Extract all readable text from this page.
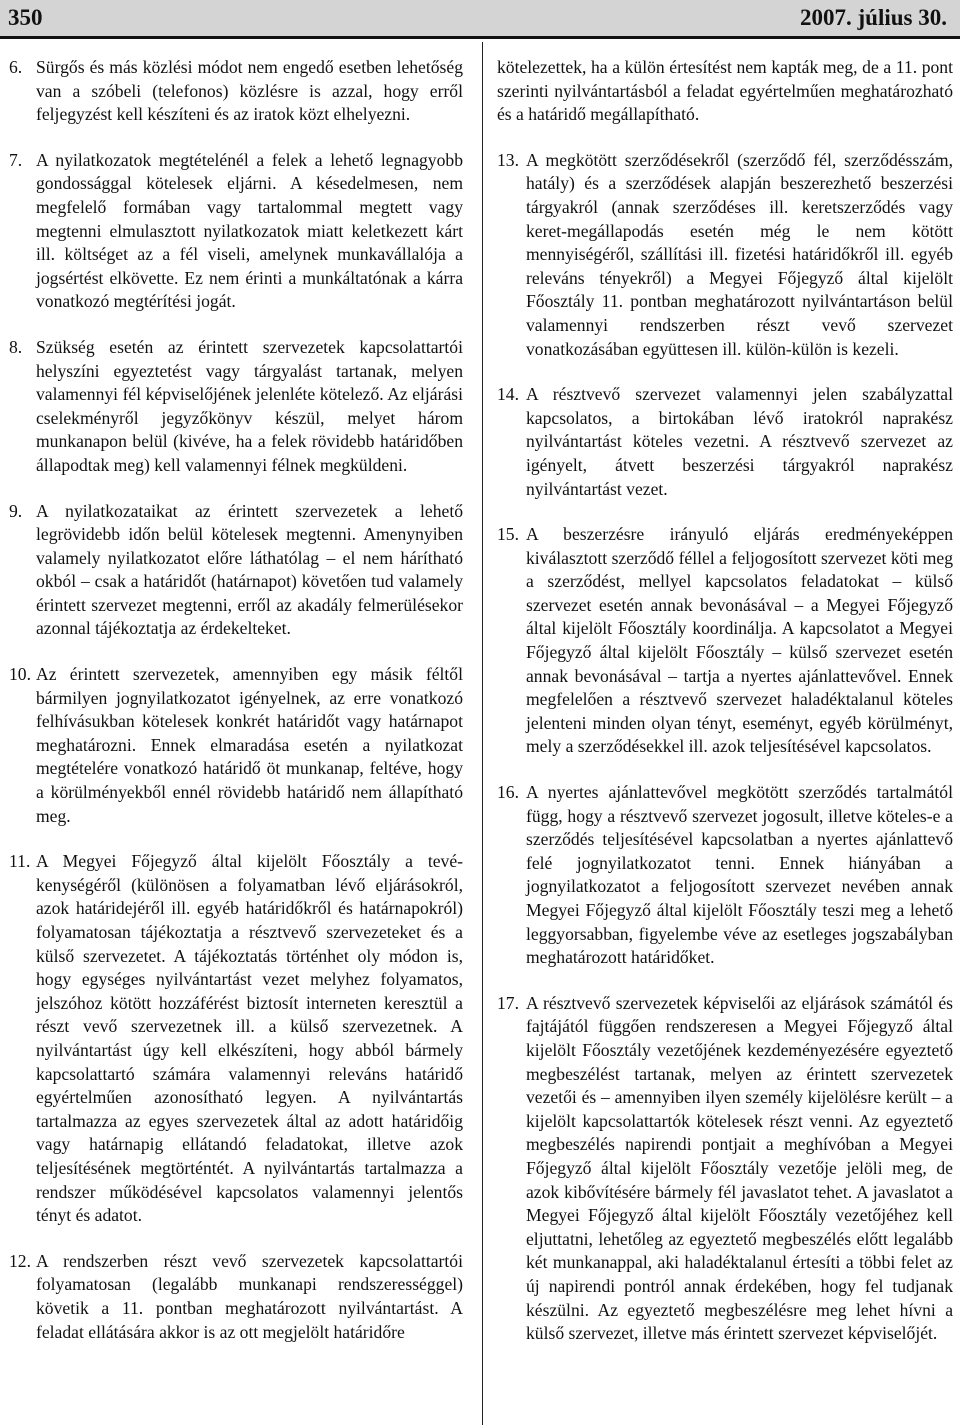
350	2007. július 30.
6. Sürgős és más közlési módot nem engedő esetben lehetőség van a szóbeli (telefonos) közlésre is azzal, hogy erről feljegyzést kell készíteni és az iratok közt elhelyezni.
7. A nyilatkozatok megtételénél a felek a lehető legnagyobb gondossággal kötelesek eljárni. A késedelmesen, nem megfelelő formában vagy tartalommal megtett vagy megtenni elmulasztott nyilatkozatok miatt keletkezett kárt ill. költséget az a fél viseli, amelynek munkavállalója a jogsértést elkövette. Ez nem érinti a munkáltatónak a kárra vonatkozó megtérítési jogát.
8. Szükség esetén az érintett szervezetek kapcsolattartói helyszíni egyeztetést vagy tárgyalást tartanak, melyen valamennyi fél képviselőjének jelenléte kötelező. Az eljárási cselekményről jegyzőkönyv készül, melyet három munkanapon belül (kivéve, ha a felek rövidebb határidőben állapodtak meg) kell valamennyi félnek megküldeni.
9. A nyilatkozataikat az érintett szervezetek a lehető legrövidebb időn belül kötelesek megtenni. Amenynyiben valamely nyilatkozatot előre láthatólag – el nem hárítható okból – csak a határidőt (határnapot) követően tud valamely érintett szervezet megtenni, erről az akadály felmerülésekor azonnal tájékoztatja az érdekelteket.
10. Az érintett szervezetek, amennyiben egy másik féltől bármilyen jognyilatkozatot igényelnek, az erre vonatkozó felhívásukban kötelesek konkrét határidőt vagy határnapot meghatározni. Ennek elmaradása esetén a nyilatkozat megtételére vonatkozó határidő öt munkanap, feltéve, hogy a körülményekből ennél rövidebb határidő nem állapítható meg.
11. A Megyei Főjegyző által kijelölt Főosztály a tevékenységéről (különösen a folyamatban lévő eljárásokról, azok határidejéről ill. egyéb határidőkről és határnapokról) folyamatosan tájékoztatja a résztvevő szervezeteket és a külső szervezetet. A tájékoztatás történhet oly módon is, hogy egységes nyilvántartást vezet melyhez folyamatos, jelszóhoz kötött hozzáférést biztosít interneten keresztül a részt vevő szervezetnek ill. a külső szervezetnek. A nyilvántartást úgy kell elkészíteni, hogy abból bármely kapcsolattartó számára valamennyi releváns határidő egyértelműen azonosítható legyen. A nyilvántartás tartalmazza az egyes szervezetek által az adott határidőig vagy határnapig ellátandó feladatokat, illetve azok teljesítésének megtörténtét. A nyilvántartás tartalmazza a rendszer működésével kapcsolatos valamennyi jelentős tényt és adatot.
12. A rendszerben részt vevő szervezetek kapcsolattartói folyamatosan (legalább munkanapi rendszerességgel) követik a 11. pontban meghatározott nyilvántartást. A feladat ellátására akkor is az ott megjelölt határidőre
kötelezettek, ha a külön értesítést nem kapták meg, de a 11. pont szerinti nyilvántartásból a feladat egyértelműen meghatározható és a határidő megállapítható.
13. A megkötött szerződésekről (szerződő fél, szerződésszám, hatály) és a szerződések alapján beszerezhető beszerzési tárgyakról (annak szerződéses ill. keretszerződés vagy keret-megállapodás esetén még le nem kötött mennyiségéről, szállítási ill. fizetési határidőkről ill. egyéb releváns tényekről) a Megyei Főjegyző által kijelölt Főosztály 11. pontban meghatározott nyilvántartáson belül valamennyi rendszerben részt vevő szervezet vonatkozásában együttesen ill. külön-külön is kezeli.
14. A résztvevő szervezet valamennyi jelen szabályzattal kapcsolatos, a birtokában lévő iratokról naprakész nyilvántartást köteles vezetni. A résztvevő szervezet az igényelt, átvett beszerzési tárgyakról naprakész nyilvántartást vezet.
15. A beszerzésre irányuló eljárás eredményeképpen kiválasztott szerződő féllel a feljogosított szervezet köti meg a szerződést, mellyel kapcsolatos feladatokat – külső szervezet esetén annak bevonásával – a Megyei Főjegyző által kijelölt Főosztály koordinálja. A kapcsolatot a Megyei Főjegyző által kijelölt Főosztály – külső szervezet esetén annak bevonásával – tartja a nyertes ajánlattevővel. Ennek megfelelően a résztvevő szervezet haladéktalanul köteles jelenteni minden olyan tényt, eseményt, egyéb körülményt, mely a szerződésekkel ill. azok teljesítésével kapcsolatos.
16. A nyertes ajánlattevővel megkötött szerződés tartalmától függ, hogy a résztvevő szervezet jogosult, illetve köteles-e a szerződés teljesítésével kapcsolatban a nyertes ajánlattevő felé jognyilatkozatot tenni. Ennek hiányában a jognyilatkozatot a feljogosított szervezet nevében annak Megyei Főjegyző által kijelölt Főosztály teszi meg a lehető leggyorsabban, figyelembe véve az esetleges jogszabályban meghatározott határidőket.
17. A résztvevő szervezetek képviselői az eljárások számától és fajtájától függően rendszeresen a Megyei Főjegyző által kijelölt Főosztály vezetőjének kezdeményezésére egyeztető megbeszélést tartanak, melyen az érintett szervezetek vezetői és – amennyiben ilyen személy kijelölésre került – a kijelölt kapcsolattartók kötelesek részt venni. Az egyeztető megbeszélés napirendi pontjait a meghívóban a Megyei Főjegyző által kijelölt Főosztály vezetője jelöli meg, de azok kibővítésére bármely fél javaslatot tehet. A javaslatot a Megyei Főjegyző által kijelölt Főosztály vezetőjéhez kell eljuttatni, lehetőleg az egyeztető megbeszélés előtt legalább két munkanappal, aki haladéktalanul értesíti a többi felet az új napirendi pontról annak érdekében, hogy fel tudjanak készülni. Az egyeztető megbeszélésre meg lehet hívni a külső szervezet, illetve más érintett szervezet képviselőjét.
